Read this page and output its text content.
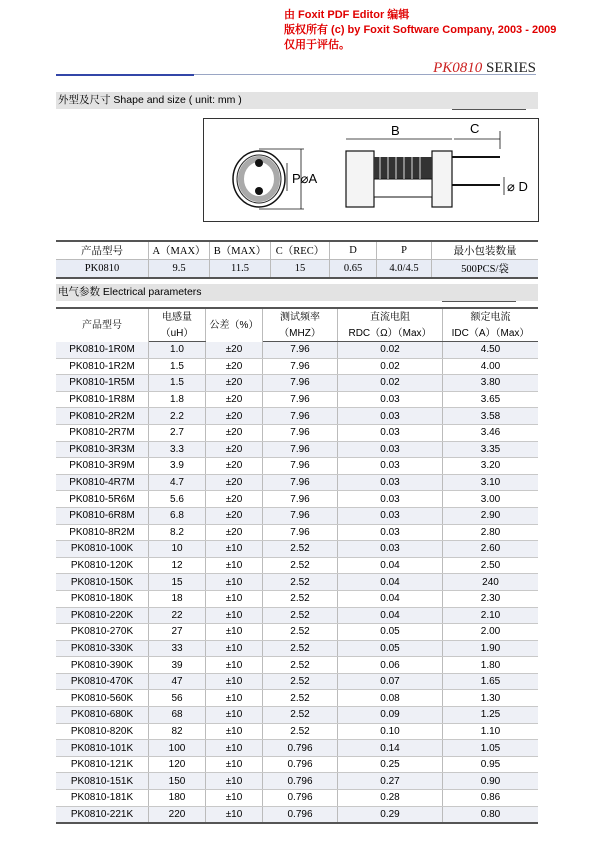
由 Foxit PDF Editor 编辑
版权所有 (c) by Foxit Software Company, 2003 - 2009
仅用于评估。
PK0810 SERIES
外型及尺寸 Shape and size ( unit: mm )
P⌀A
B	C
⌀ D
产品型号	A（MAX）	B（MAX）	C（REC）	D	P	最小包装数量
PK0810	9.5	11.5	15	0.65	4.0/4.5	500PCS/袋
电气参数 Electrical parameters
产品型号	电感量	公差（%）	测试频率	直流电阻	额定电流
	（uH）		（MHZ）	RDC（Ω）（Max）	IDC（A）（Max）
PK0810-1R0M	1.0	±20	7.96	0.02	4.50
PK0810-1R2M	1.5	±20	7.96	0.02	4.00
PK0810-1R5M	1.5	±20	7.96	0.02	3.80
PK0810-1R8M	1.8	±20	7.96	0.03	3.65
PK0810-2R2M	2.2	±20	7.96	0.03	3.58
PK0810-2R7M	2.7	±20	7.96	0.03	3.46
PK0810-3R3M	3.3	±20	7.96	0.03	3.35
PK0810-3R9M	3.9	±20	7.96	0.03	3.20
PK0810-4R7M	4.7	±20	7.96	0.03	3.10
PK0810-5R6M	5.6	±20	7.96	0.03	3.00
PK0810-6R8M	6.8	±20	7.96	0.03	2.90
PK0810-8R2M	8.2	±20	7.96	0.03	2.80
PK0810-100K	10	±10	2.52	0.03	2.60
PK0810-120K	12	±10	2.52	0.04	2.50
PK0810-150K	15	±10	2.52	0.04	240
PK0810-180K	18	±10	2.52	0.04	2.30
PK0810-220K	22	±10	2.52	0.04	2.10
PK0810-270K	27	±10	2.52	0.05	2.00
PK0810-330K	33	±10	2.52	0.05	1.90
PK0810-390K	39	±10	2.52	0.06	1.80
PK0810-470K	47	±10	2.52	0.07	1.65
PK0810-560K	56	±10	2.52	0.08	1.30
PK0810-680K	68	±10	2.52	0.09	1.25
PK0810-820K	82	±10	2.52	0.10	1.10
PK0810-101K	100	±10	0.796	0.14	1.05
PK0810-121K	120	±10	0.796	0.25	0.95
PK0810-151K	150	±10	0.796	0.27	0.90
PK0810-181K	180	±10	0.796	0.28	0.86
PK0810-221K	220	±10	0.796	0.29	0.80
